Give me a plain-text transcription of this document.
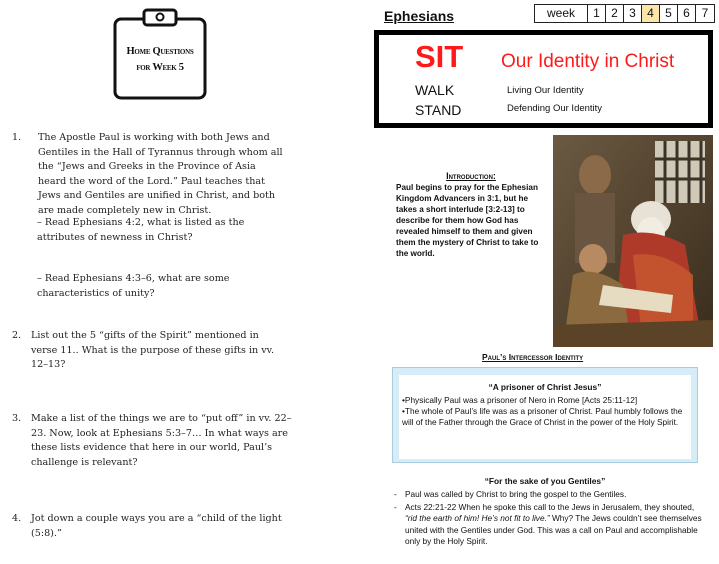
Home Questions
for Week 5
1. The Apostle Paul is working with both Jews and Gentiles in the Hall of Tyrannus through whom all the “Jews and Greeks in the Province of Asia heard the word of the Lord.” Paul teaches that Jews and Gentiles are unified in Christ, and both are made completely new in Christ.
– Read Ephesians 4:2, what is listed as the attributes of newness in Christ?
– Read Ephesians 4:3–6, what are some characteristics of unity?
2. List out the 5 “gifts of the Spirit” mentioned in verse 11.. What is the purpose of these gifts in vv. 12–13?
3. Make a list of the things we are to “put off” in vv. 22–23. Now, look at Ephesians 5:3–7… In what ways are these lists evidence that here in our world, Paul’s challenge is relevant?
4. Jot down a couple ways you are a “child of the light (5:8).”
Ephesians	week	1 2 3 4 5 6 7
SIT Our Identity in Christ
WALK
STAND
Living Our Identity
Defending Our Identity
Introduction:
Paul begins to pray for the Ephesian Kingdom Advancers in 3:1, but he takes a short interlude [3:2-13] to describe for them how God has revealed himself to them and given them the mystery of Christ to take to the world.
Paul’s Intercessor Identity
“A prisoner of Christ Jesus”
•Physically Paul was a prisoner of Nero in Rome [Acts 25:11-12]
•The whole of Paul’s life was as a prisoner of Christ. Paul humbly follows the will of the Father through the Grace of Christ in the power of the Holy Spirit.
“For the sake of you Gentiles”
- Paul was called by Christ to bring the gospel to the Gentiles.
- Acts 22:21-22 When he spoke this call to the Jews in Jerusalem, they shouted, “rid the earth of him! He’s not fit to live.” Why? The Jews couldn’t see themselves united with the Gentiles under God. This was a call on Paul and accomplishable only by the Holy Spirit.
